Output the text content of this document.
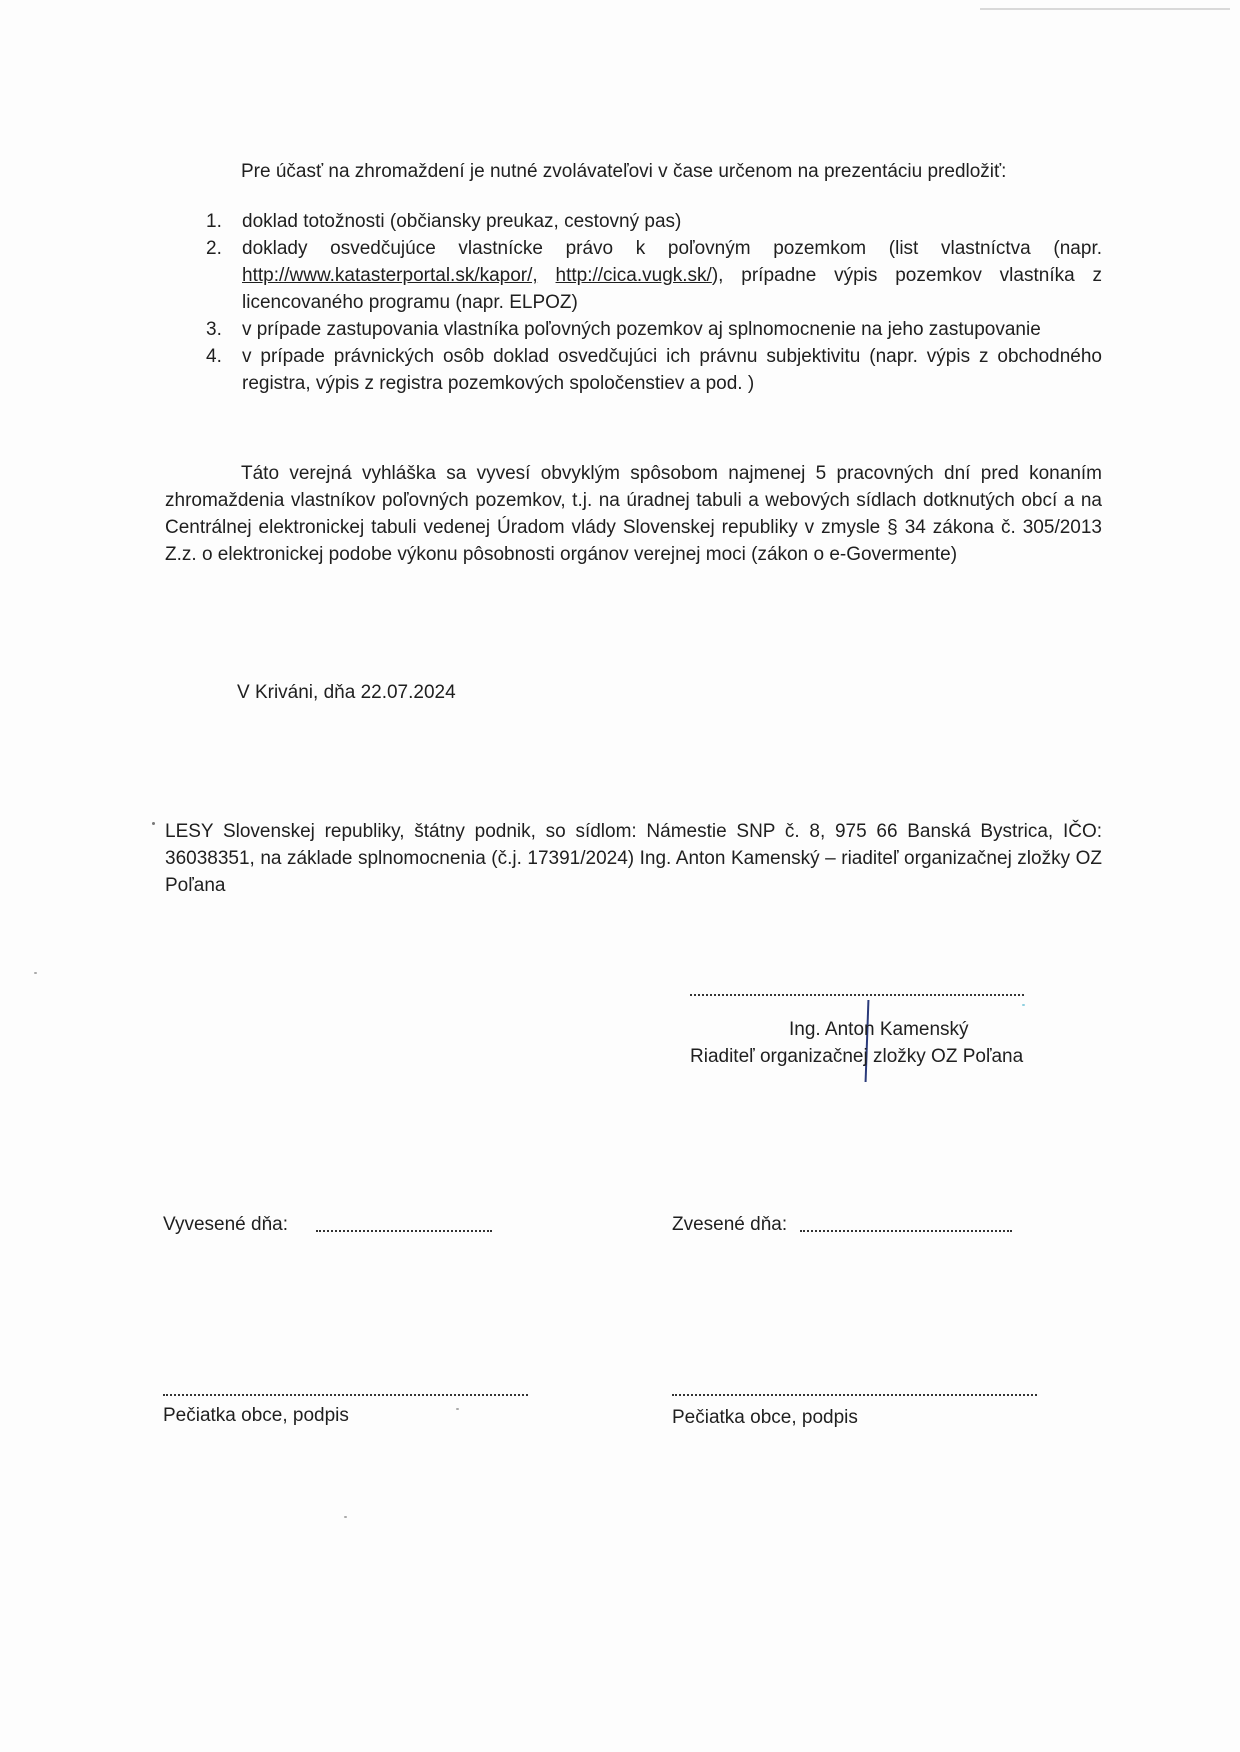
Pre účasť na zhromaždení je nutné zvolávateľovi v čase určenom na prezentáciu predložiť:
1. doklad totožnosti (občiansky preukaz, cestovný pas)
2. doklady osvedčujúce vlastnícke právo k poľovným pozemkom (list vlastníctva (napr. http://www.katasterportal.sk/kapor/, http://cica.vugk.sk/), prípadne výpis pozemkov vlastníka z licencovaného programu (napr. ELPOZ)
3. v prípade zastupovania vlastníka poľovných pozemkov aj splnomocnenie na jeho zastupovanie
4. v prípade právnických osôb doklad osvedčujúci ich právnu subjektivitu (napr. výpis z obchodného registra, výpis z registra pozemkových spoločenstiev a pod. )
Táto verejná vyhláška sa vyvesí obvyklým spôsobom najmenej 5 pracovných dní pred konaním zhromaždenia vlastníkov poľovných pozemkov, t.j. na úradnej tabuli a webových sídlach dotknutých obcí a na Centrálnej elektronickej tabuli vedenej Úradom vlády Slovenskej republiky v zmysle § 34 zákona č. 305/2013 Z.z. o elektronickej podobe výkonu pôsobnosti orgánov verejnej moci (zákon o e-Govermente)
V Kriváni, dňa 22.07.2024
LESY Slovenskej republiky, štátny podnik, so sídlom: Námestie SNP č. 8, 975 66 Banská Bystrica, IČO: 36038351, na základe splnomocnenia (č.j. 17391/2024) Ing. Anton Kamenský – riaditeľ organizačnej zložky OZ Poľana
Ing. Anton Kamenský
Riaditeľ organizačnej zložky OZ Poľana
Vyvesené dňa:	Zvesené dňa:
Pečiatka obce, podpis	Pečiatka obce, podpis
